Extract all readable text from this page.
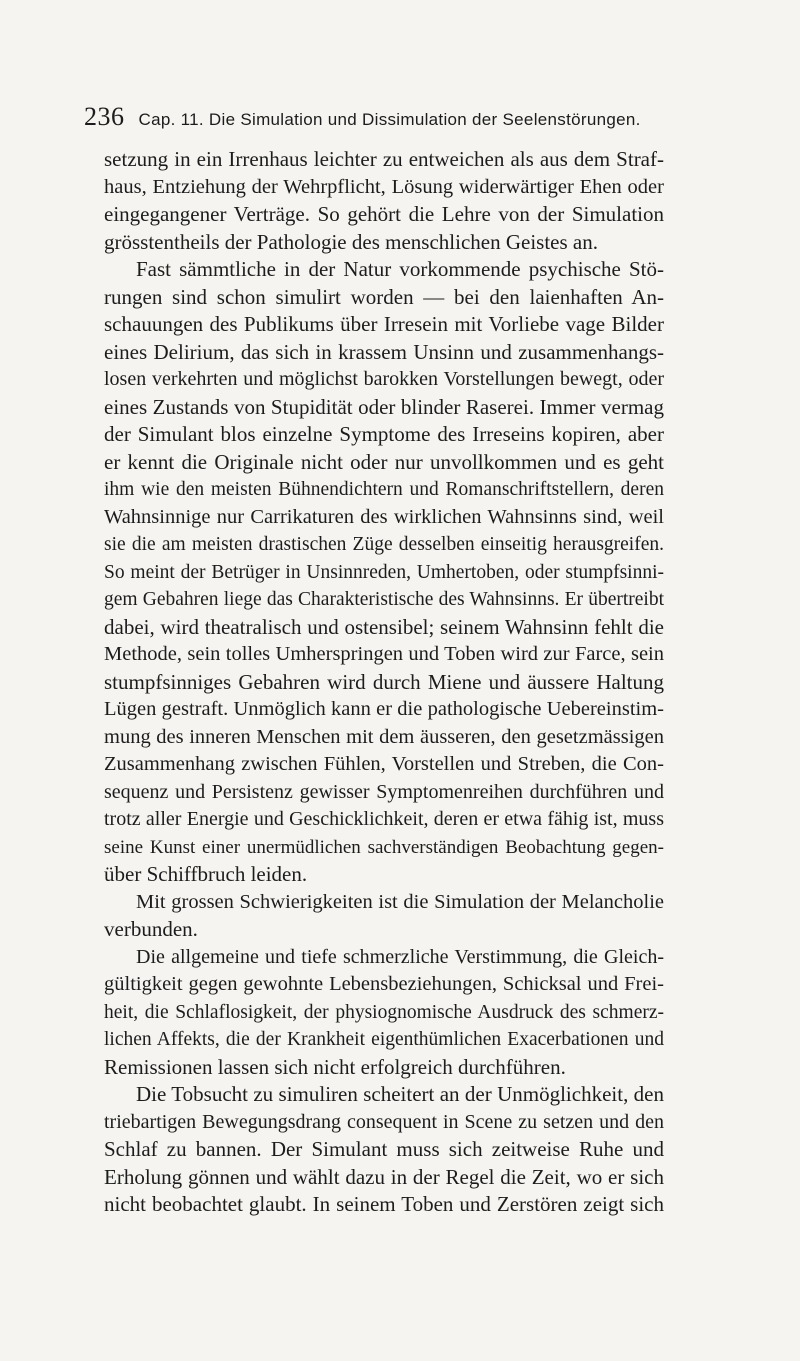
236 Cap. 11. Die Simulation und Dissimulation der Seelenstörungen.
setzung in ein Irrenhaus leichter zu entweichen als aus dem Straf-
haus, Entziehung der Wehrpflicht, Lösung widerwärtiger Ehen oder
eingegangener Verträge. So gehört die Lehre von der Simulation
grösstentheils der Pathologie des menschlichen Geistes an.
Fast sämmtliche in der Natur vorkommende psychische Stö-
rungen sind schon simulirt worden — bei den laienhaften An-
schauungen des Publikums über Irresein mit Vorliebe vage Bilder
eines Delirium, das sich in krassem Unsinn und zusammenhangs-
losen verkehrten und möglichst barokken Vorstellungen bewegt, oder
eines Zustands von Stupidität oder blinder Raserei. Immer vermag
der Simulant blos einzelne Symptome des Irreseins kopiren, aber
er kennt die Originale nicht oder nur unvollkommen und es geht
ihm wie den meisten Bühnendichtern und Romanschriftstellern, deren
Wahnsinnige nur Carrikaturen des wirklichen Wahnsinns sind, weil
sie die am meisten drastischen Züge desselben einseitig herausgreifen.
So meint der Betrüger in Unsinnreden, Umhertoben, oder stumpfsinni-
gem Gebahren liege das Charakteristische des Wahnsinns. Er übertreibt
dabei, wird theatralisch und ostensibel; seinem Wahnsinn fehlt die
Methode, sein tolles Umherspringen und Toben wird zur Farce, sein
stumpfsinniges Gebahren wird durch Miene und äussere Haltung
Lügen gestraft. Unmöglich kann er die pathologische Uebereinstim-
mung des inneren Menschen mit dem äusseren, den gesetzmässigen
Zusammenhang zwischen Fühlen, Vorstellen und Streben, die Con-
sequenz und Persistenz gewisser Symptomenreihen durchführen und
trotz aller Energie und Geschicklichkeit, deren er etwa fähig ist, muss
seine Kunst einer unermüdlichen sachverständigen Beobachtung gegen-
über Schiffbruch leiden.
Mit grossen Schwierigkeiten ist die Simulation der Melancholie
verbunden.
Die allgemeine und tiefe schmerzliche Verstimmung, die Gleich-
gültigkeit gegen gewohnte Lebensbeziehungen, Schicksal und Frei-
heit, die Schlaflosigkeit, der physiognomische Ausdruck des schmerz-
lichen Affekts, die der Krankheit eigenthümlichen Exacerbationen und
Remissionen lassen sich nicht erfolgreich durchführen.
Die Tobsucht zu simuliren scheitert an der Unmöglichkeit, den
triebartigen Bewegungsdrang consequent in Scene zu setzen und den
Schlaf zu bannen. Der Simulant muss sich zeitweise Ruhe und
Erholung gönnen und wählt dazu in der Regel die Zeit, wo er sich
nicht beobachtet glaubt. In seinem Toben und Zerstören zeigt sich
